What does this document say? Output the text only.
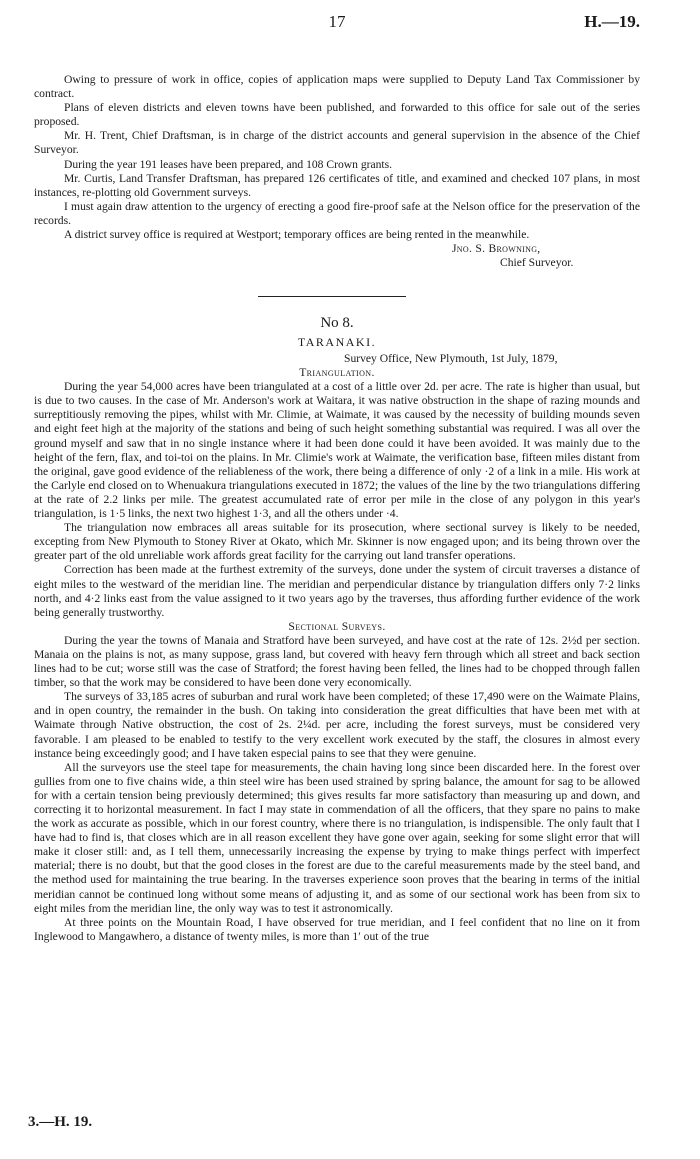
17	H.—19.

Owing to pressure of work in office, copies of application maps were supplied to Deputy Land Tax Commissioner by contract.

Plans of eleven districts and eleven towns have been published, and forwarded to this office for sale out of the series proposed.

Mr. H. Trent, Chief Draftsman, is in charge of the district accounts and general supervision in the absence of the Chief Surveyor.

During the year 191 leases have been prepared, and 108 Crown grants.

Mr. Curtis, Land Transfer Draftsman, has prepared 126 certificates of title, and examined and checked 107 plans, in most instances, re-plotting old Government surveys.

I must again draw attention to the urgency of erecting a good fire-proof safe at the Nelson office for the preservation of the records.

A district survey office is required at Westport; temporary offices are being rented in the meanwhile.

Jno. S. Browning,
Chief Surveyor.
No 8.
TARANAKI.
Survey Office, New Plymouth, 1st July, 1879,
Triangulation.

During the year 54,000 acres have been triangulated at a cost of a little over 2d. per acre. The rate is higher than usual, but is due to two causes. In the case of Mr. Anderson's work at Waitara, it was native obstruction in the shape of razing mounds and surreptitiously removing the pipes, whilst with Mr. Climie, at Waimate, it was caused by the necessity of building mounds seven and eight feet high at the majority of the stations and being of such height something substantial was required. I was all over the ground myself and saw that in no single instance where it had been done could it have been avoided. It was mainly due to the height of the fern, flax, and toi-toi on the plains. In Mr. Climie's work at Waimate, the verification base, fifteen miles distant from the original, gave good evidence of the reliableness of the work, there being a difference of only ·2 of a link in a mile. His work at the Carlyle end closed on to Whenuakura triangulations executed in 1872; the values of the line by the two triangulations differing at the rate of 2.2 links per mile. The greatest accumulated rate of error per mile in the close of any polygon in this year's triangulation, is 1·5 links, the next two highest 1·3, and all the others under ·4.

The triangulation now embraces all areas suitable for its prosecution, where sectional survey is likely to be needed, excepting from New Plymouth to Stoney River at Okato, which Mr. Skinner is now engaged upon; and its being thrown over the greater part of the old unreliable work affords great facility for the carrying out land transfer operations.

Correction has been made at the furthest extremity of the surveys, done under the system of circuit traverses a distance of eight miles to the westward of the meridian line. The meridian and perpendicular distance by triangulation differs only 7·2 links north, and 4·2 links east from the value assigned to it two years ago by the traverses, thus affording further evidence of the work being generally trustworthy.

Sectional Surveys.

During the year the towns of Manaia and Stratford have been surveyed, and have cost at the rate of 12s. 2½d per section. Manaia on the plains is not, as many suppose, grass land, but covered with heavy fern through which all street and back section lines had to be cut; worse still was the case of Stratford; the forest having been felled, the lines had to be chopped through fallen timber, so that the work may be considered to have been done very economically.

The surveys of 33,185 acres of suburban and rural work have been completed; of these 17,490 were on the Waimate Plains, and in open country, the remainder in the bush. On taking into consideration the great difficulties that have been met with at Waimate through Native obstruction, the cost of 2s. 2¼d. per acre, including the forest surveys, must be considered very favorable. I am pleased to be enabled to testify to the very excellent work executed by the staff, the closures in almost every instance being exceedingly good; and I have taken especial pains to see that they were genuine.

All the surveyors use the steel tape for measurements, the chain having long since been discarded here. In the forest over gullies from one to five chains wide, a thin steel wire has been used strained by spring balance, the amount for sag to be allowed for with a certain tension being previously determined; this gives results far more satisfactory than measuring up and down, and correcting it to horizontal measurement. In fact I may state in commendation of all the officers, that they spare no pains to make the work as accurate as possible, which in our forest country, where there is no triangulation, is indispensible. The only fault that I have had to find is, that closes which are in all reason excellent they have gone over again, seeking for some slight error that will make it closer still: and, as I tell them, unnecessarily increasing the expense by trying to make things perfect with imperfect material; there is no doubt, but that the good closes in the forest are due to the careful measurements made by the steel band, and the method used for maintaining the true bearing. In the traverses experience soon proves that the bearing in terms of the initial meridian cannot be continued long without some means of adjusting it, and as some of our sectional work has been from six to eight miles from the meridian line, the only way was to test it astronomically.

At three points on the Mountain Road, I have observed for true meridian, and I feel confident that no line on it from Inglewood to Mangawhero, a distance of twenty miles, is more than 1′ out of the true

3.—H. 19.
